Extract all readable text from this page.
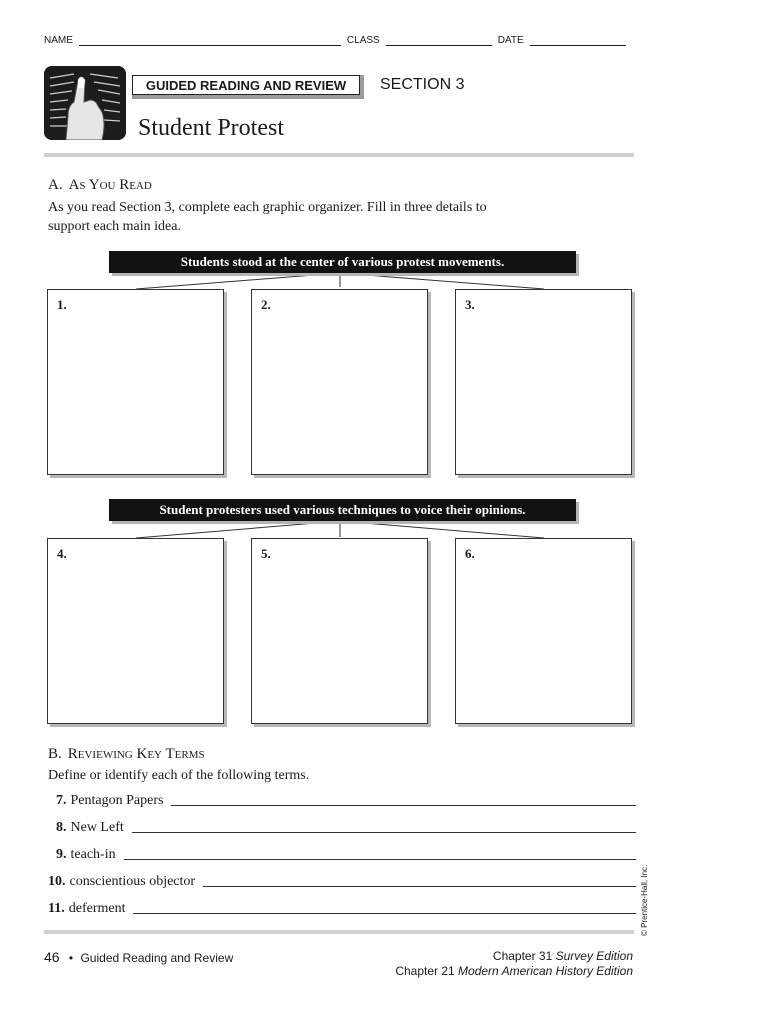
NAME	CLASS	DATE
GUIDED READING AND REVIEW	SECTION 3
Student Protest
A. As You Read
As you read Section 3, complete each graphic organizer. Fill in three details to support each main idea.
Students stood at the center of various protest movements.
1.	2.	3.
Student protesters used various techniques to voice their opinions.
4.	5.	6.
B. Reviewing Key Terms
Define or identify each of the following terms.
7. Pentagon Papers
8. New Left
9. teach-in
10. conscientious objector
11. deferment	© Prentice-Hall, Inc.
46 • Guided Reading and Review	Chapter 31 Survey Edition
Chapter 21 Modern American History Edition
